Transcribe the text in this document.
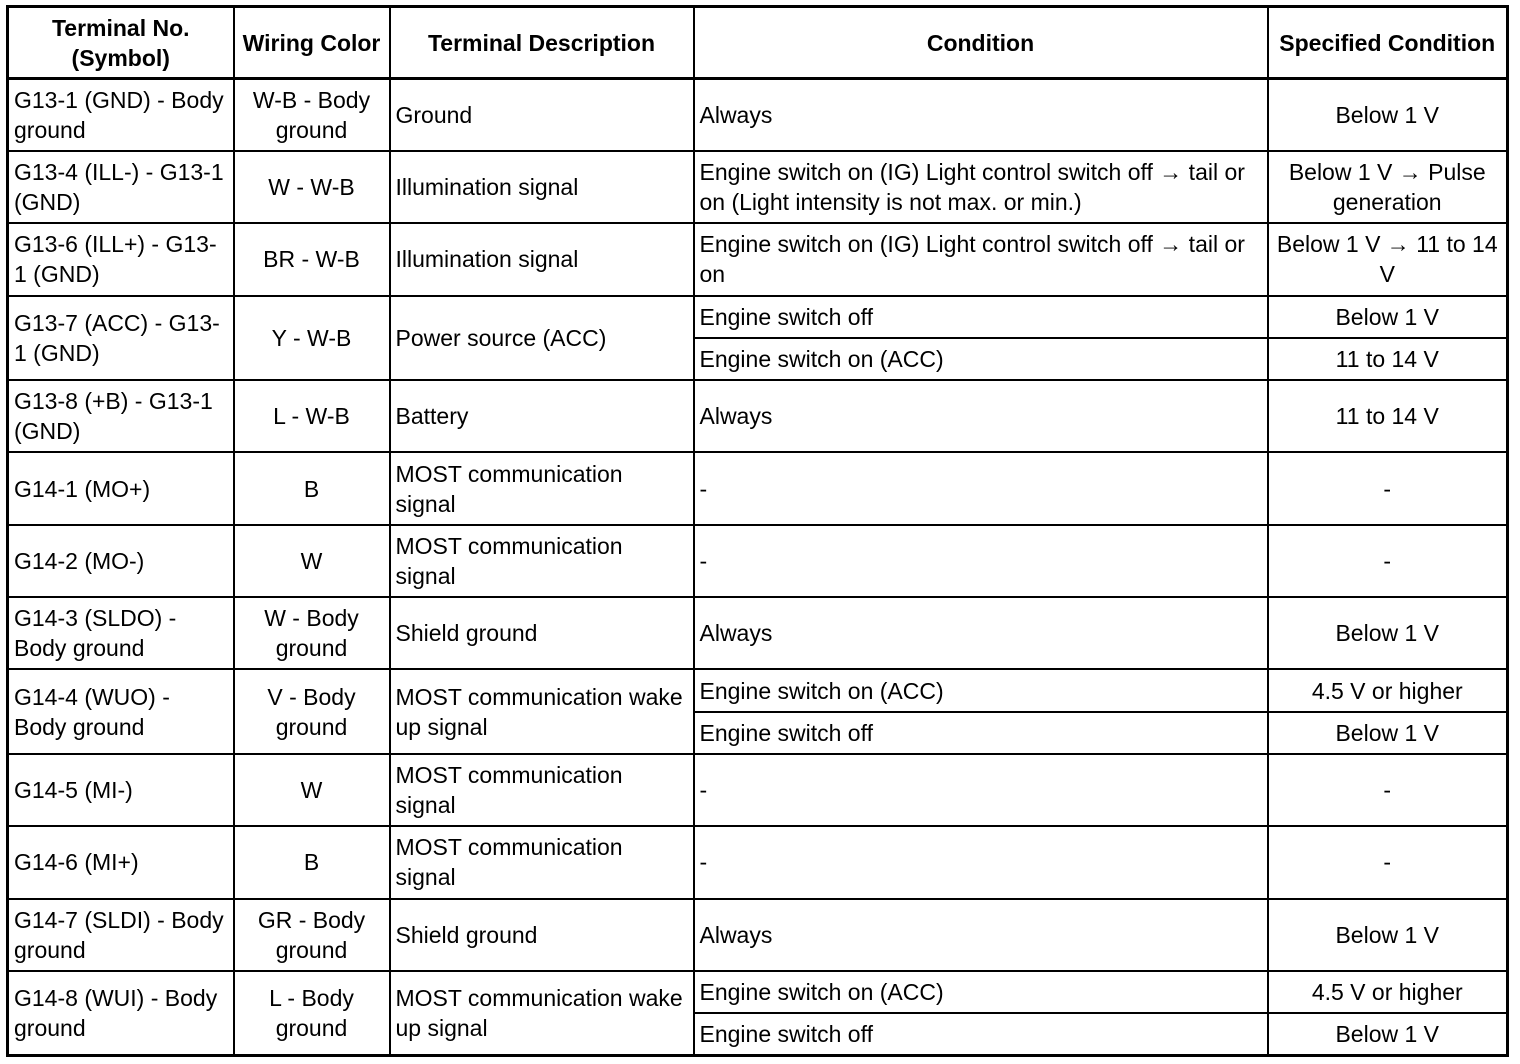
Terminal No. (Symbol)	Wiring Color	Terminal Description	Condition	Specified Condition
G13-1 (GND) - Body ground	W-B - Body ground	Ground	Always	Below 1 V
G13-4 (ILL-) - G13-1 (GND)	W - W-B	Illumination signal	Engine switch on (IG) Light control switch off → tail or on (Light intensity is not max. or min.)	Below 1 V → Pulse generation
G13-6 (ILL+) - G13-1 (GND)	BR - W-B	Illumination signal	Engine switch on (IG) Light control switch off → tail or on	Below 1 V → 11 to 14 V
G13-7 (ACC) - G13-1 (GND)	Y - W-B	Power source (ACC)	Engine switch off	Below 1 V
			Engine switch on (ACC)	11 to 14 V
G13-8 (+B) - G13-1 (GND)	L - W-B	Battery	Always	11 to 14 V
G14-1 (MO+)	B	MOST communication signal	-	-
G14-2 (MO-)	W	MOST communication signal	-	-
G14-3 (SLDO) - Body ground	W - Body ground	Shield ground	Always	Below 1 V
G14-4 (WUO) - Body ground	V - Body ground	MOST communication wake up signal	Engine switch on (ACC)	4.5 V or higher
			Engine switch off	Below 1 V
G14-5 (MI-)	W	MOST communication signal	-	-
G14-6 (MI+)	B	MOST communication signal	-	-
G14-7 (SLDI) - Body ground	GR - Body ground	Shield ground	Always	Below 1 V
G14-8 (WUI) - Body ground	L - Body ground	MOST communication wake up signal	Engine switch on (ACC)	4.5 V or higher
			Engine switch off	Below 1 V
